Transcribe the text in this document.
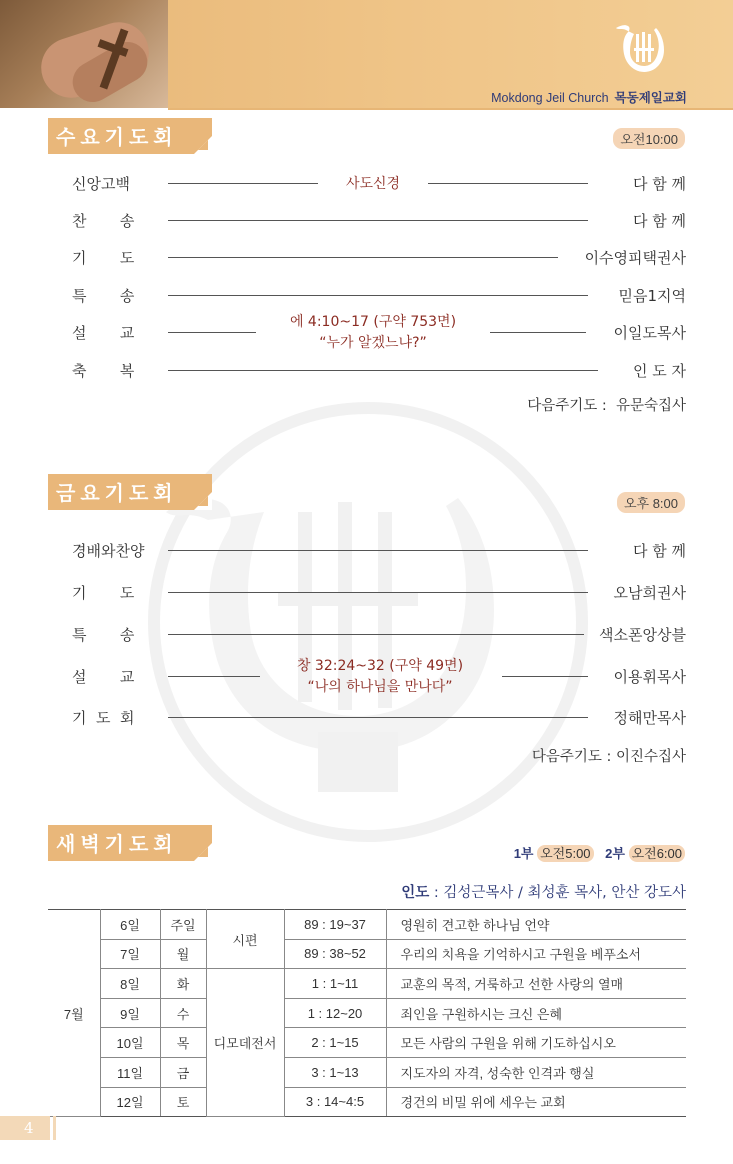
Mokdong Jeil Church 목동제일교회
수요기도회	오전10:00
신앙고백	사도신경	다 함 께
찬       송	다 함 께
기       도	이수영피택권사
특       송	믿음1지역
설       교	이일도목사
에 4:10~17 (구약 753면)
“누가 알겠느냐?”
축       복	인 도 자
다음주기도 :  유문숙집사
금요기도회	오후 8:00
경배와찬양	다 함 께
기       도	오남희권사
특       송	색소폰앙상블
설       교	이용휘목사
창 32:24~32 (구약 49면)
“나의 하나님을 만나다”
기  도  회	정해만목사
다음주기도 : 이진수집사
새벽기도회	1부 오전5:00 2부 오전6:00
인도 : 김성근목사 / 최성훈 목사, 안산 강도사
7월	6일	주일	시편	89 : 19~37	영원히 견고한 하나님 언약
	7일	월		89 : 38~52	우리의 치욕을 기억하시고 구원을 베푸소서
	8일	화	디모데전서	1 : 1~11	교훈의 목적, 거룩하고 선한 사랑의 열매
	9일	수		1 : 12~20	죄인을 구원하시는 크신 은혜
	10일	목		2 : 1~15	모든 사람의 구원을 위해 기도하십시오
	11일	금		3 : 1~13	지도자의 자격, 성숙한 인격과 행실
	12일	토		3 : 14~4:5	경건의 비밀 위에 세우는 교회
4
